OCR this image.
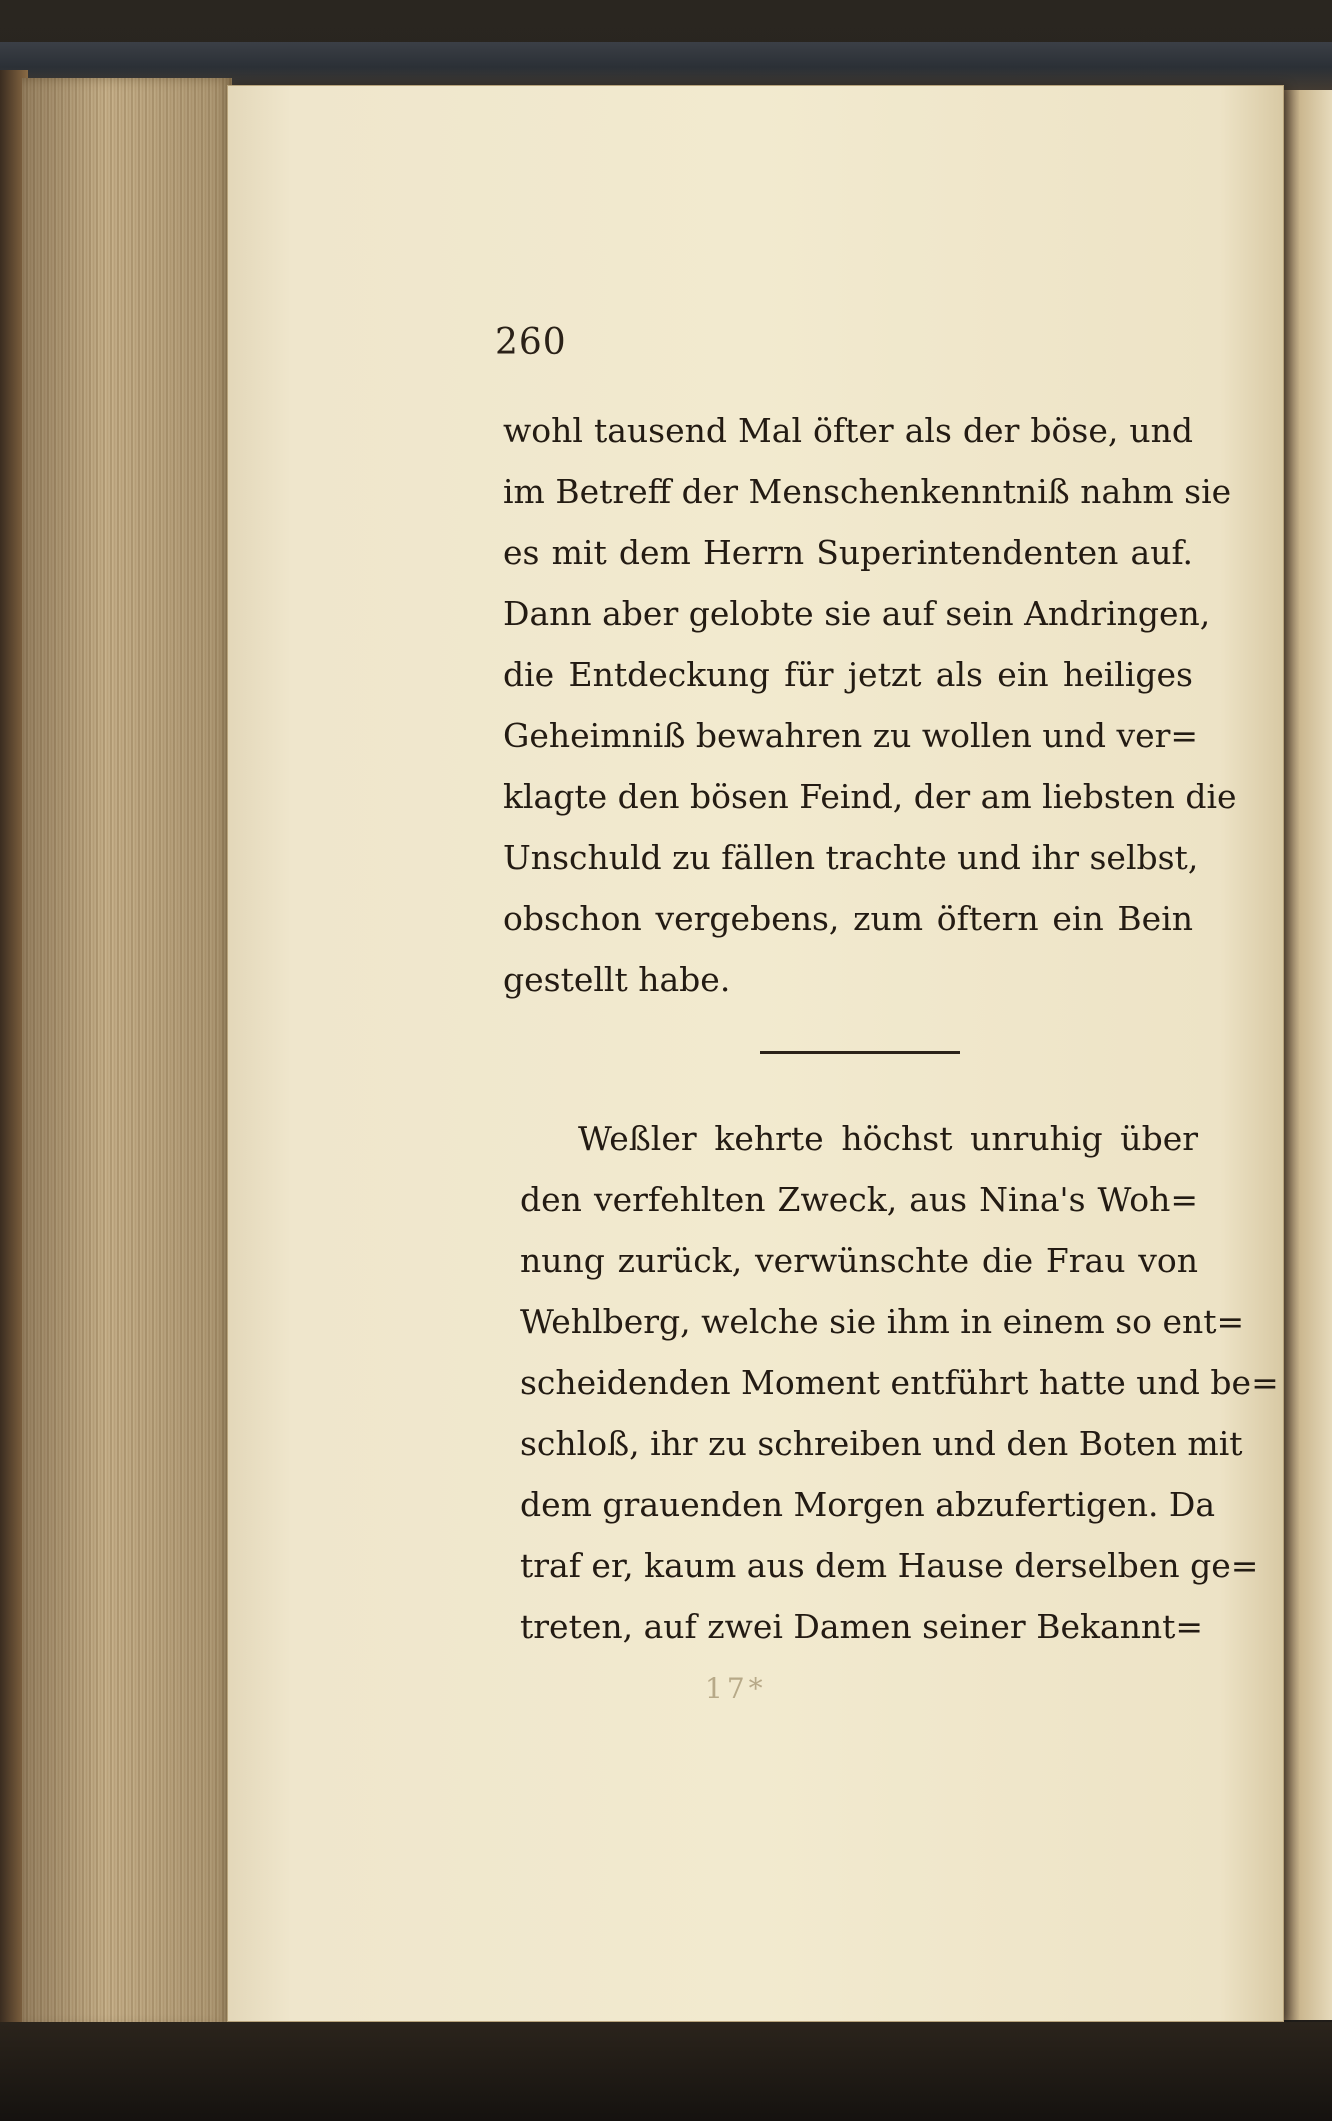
260
wohl tausend Mal öfter als der böse, und
im Betreff der Menschenkenntniß nahm sie
es mit dem Herrn Superintendenten auf.
Dann aber gelobte sie auf sein Andringen,
die Entdeckung für jetzt als ein heiliges
Geheimniß bewahren zu wollen und ver=
klagte den bösen Feind, der am liebsten die
Unschuld zu fällen trachte und ihr selbst,
obschon vergebens, zum öftern ein Bein
gestellt habe.
Weßler kehrte höchst unruhig über
den verfehlten Zweck, aus Nina's Woh=
nung zurück, verwünschte die Frau von
Wehlberg, welche sie ihm in einem so ent=
scheidenden Moment entführt hatte und be=
schloß, ihr zu schreiben und den Boten mit
dem grauenden Morgen abzufertigen. Da
traf er, kaum aus dem Hause derselben ge=
treten, auf zwei Damen seiner Bekannt=
17*
